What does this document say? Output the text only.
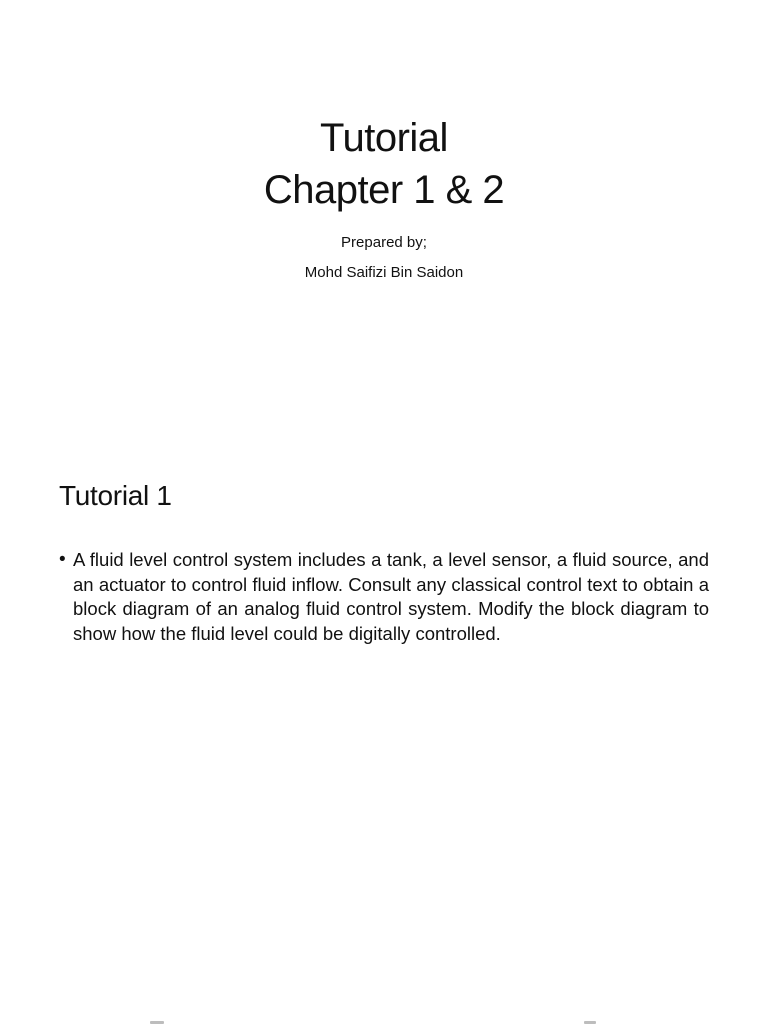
Tutorial
Chapter 1 & 2
Prepared by;
Mohd Saifizi Bin Saidon
Tutorial 1
• A fluid level control system includes a tank, a level sensor, a fluid source, and an actuator to control fluid inflow. Consult any classical control text to obtain a block diagram of an analog fluid control system. Modify the block diagram to show how the fluid level could be digitally controlled.
